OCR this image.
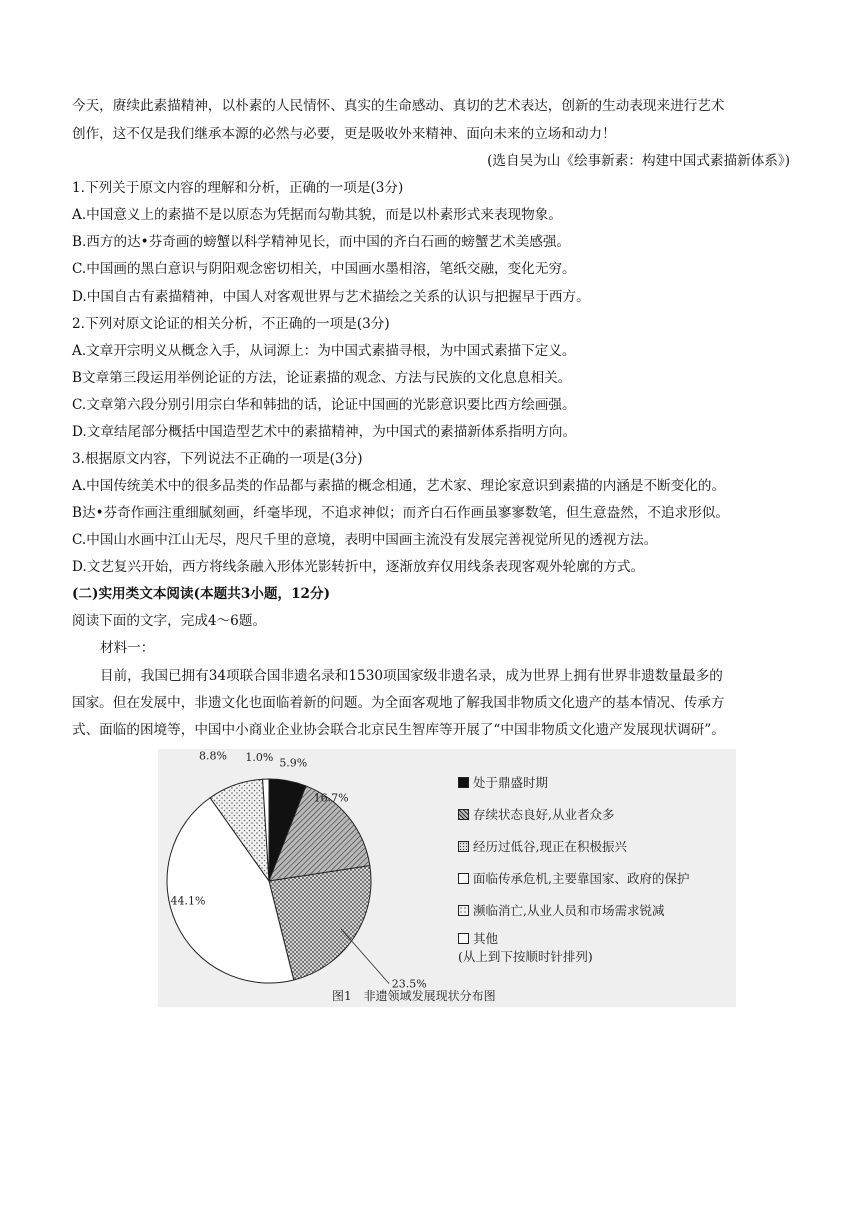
今天，赓续此素描精神，以朴素的人民情怀、真实的生命感动、真切的艺术表达，创新的生动表现来进行艺术
创作，这不仅是我们继承本源的必然与必要，更是吸收外来精神、面向未来的立场和动力！
(选自吴为山《绘事新素：构建中国式素描新体系》)
1.下列关于原文内容的理解和分析，正确的一项是(3分)
A.中国意义上的素描不是以原态为凭据而勾勒其貌，而是以朴素形式来表现物象。
B.西方的达•芬奇画的螃蟹以科学精神见长，而中国的齐白石画的螃蟹艺术美感强。
C.中国画的黑白意识与阴阳观念密切相关，中国画水墨相溶，笔纸交融，变化无穷。
D.中国自古有素描精神，中国人对客观世界与艺术描绘之关系的认识与把握早于西方。
2.下列对原文论证的相关分析，不正确的一项是(3分)
A.文章开宗明义从概念入手，从词源上：为中国式素描寻根，为中国式素描下定义。
B文章第三段运用举例论证的方法，论证素描的观念、方法与民族的文化息息相关。
C.文章第六段分别引用宗白华和韩拙的话，论证中国画的光影意识要比西方绘画强。
D.文章结尾部分概括中国造型艺术中的素描精神，为中国式的素描新体系指明方向。
3.根据原文内容，下列说法不正确的一项是(3分)
A.中国传统美术中的很多品类的作品都与素描的概念相通，艺术家、理论家意识到素描的内涵是不断变化的。
B达•芬奇作画注重细腻刻画，纤毫毕现，不追求神似；而齐白石作画虽寥寥数笔，但生意盎然，不追求形似。
C.中国山水画中江山无尽，咫尺千里的意境，表明中国画主流没有发展完善视觉所见的透视方法。
D.文艺复兴开始，西方将线条融入形体光影转折中，逐渐放弃仅用线条表现客观外轮廓的方式。
(二)实用类文本阅读(本题共3小题，12分)
阅读下面的文字，完成4～6题。
材料一：
目前，我国已拥有34项联合国非遗名录和1530项国家级非遗名录，成为世界上拥有世界非遗数量最多的
国家。但在发展中，非遗文化也面临着新的问题。为全面客观地了解我国非物质文化遗产的基本情况、传承方
式、面临的困境等，中国中小商业企业协会联合北京民生智库等开展了“中国非物质文化遗产发展现状调研”。
5.9%
16.7%
23.5%
44.1%
8.8% 1.0%
处于鼎盛时期
存续状态良好,从业者众多
经历过低谷,现正在积极振兴
面临传承危机,主要靠国家、政府的保护
濒临消亡,从业人员和市场需求锐减
其他
(从上到下按顺时针排列)
图1　非遗领域发展现状分布图
